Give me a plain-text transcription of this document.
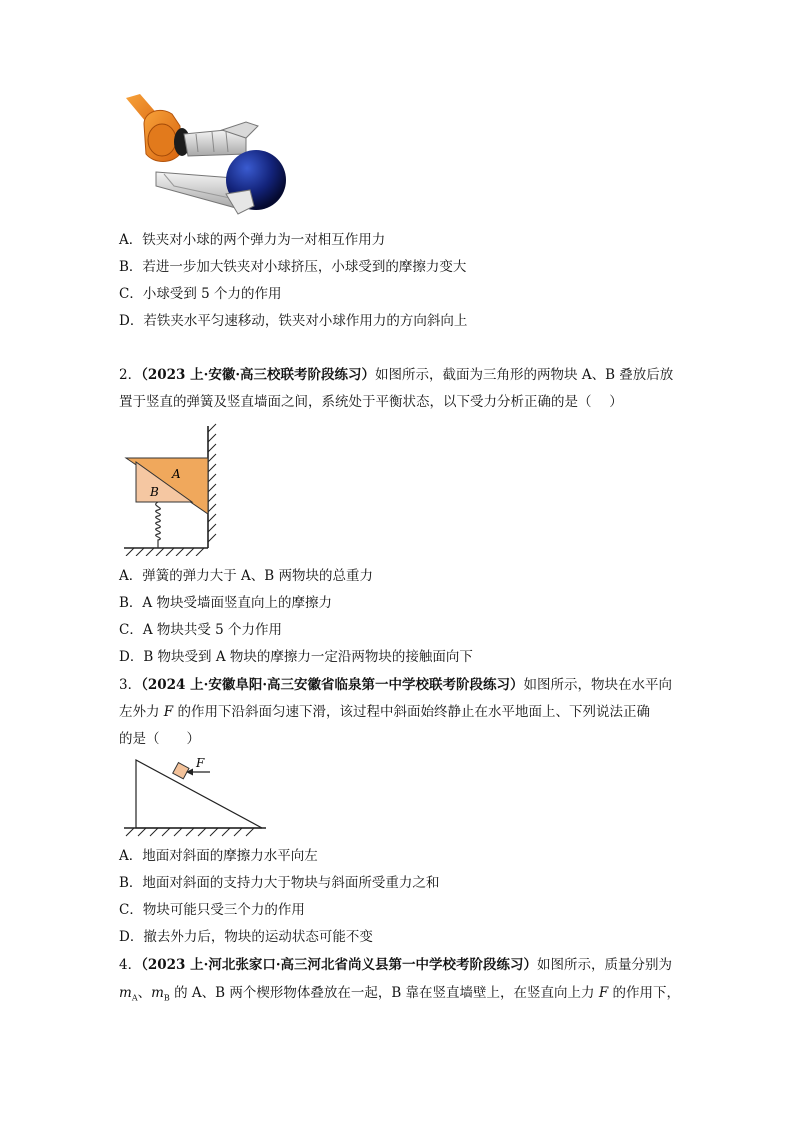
A．铁夹对小球的两个弹力为一对相互作用力
B．若进一步加大铁夹对小球挤压，小球受到的摩擦力变大
C．小球受到 5 个力的作用
D．若铁夹水平匀速移动，铁夹对小球作用力的方向斜向上
2．（2023 上·安徽·高三校联考阶段练习）如图所示，截面为三角形的两物块 A、B 叠放后放
置于竖直的弹簧及竖直墙面之间，系统处于平衡状态，以下受力分析正确的是（　 ）
A
B
A．弹簧的弹力大于 A、B 两物块的总重力
B．A 物块受墙面竖直向上的摩擦力
C．A 物块共受 5 个力作用
D．B 物块受到 A 物块的摩擦力一定沿两物块的接触面向下
3．（2024 上·安徽阜阳·高三安徽省临泉第一中学校联考阶段练习）如图所示，物块在水平向
左外力 F 的作用下沿斜面匀速下滑，该过程中斜面始终静止在水平地面上、下列说法正确
的是（　　）
F
A．地面对斜面的摩擦力水平向左
B．地面对斜面的支持力大于物块与斜面所受重力之和
C．物块可能只受三个力的作用
D．撤去外力后，物块的运动状态可能不变
4．（2023 上·河北张家口·高三河北省尚义县第一中学校考阶段练习）如图所示，质量分别为
$m_A$、$m_B$ 的 A、B 两个楔形物体叠放在一起，B 靠在竖直墙壁上，在竖直向上力 F 的作用下，
